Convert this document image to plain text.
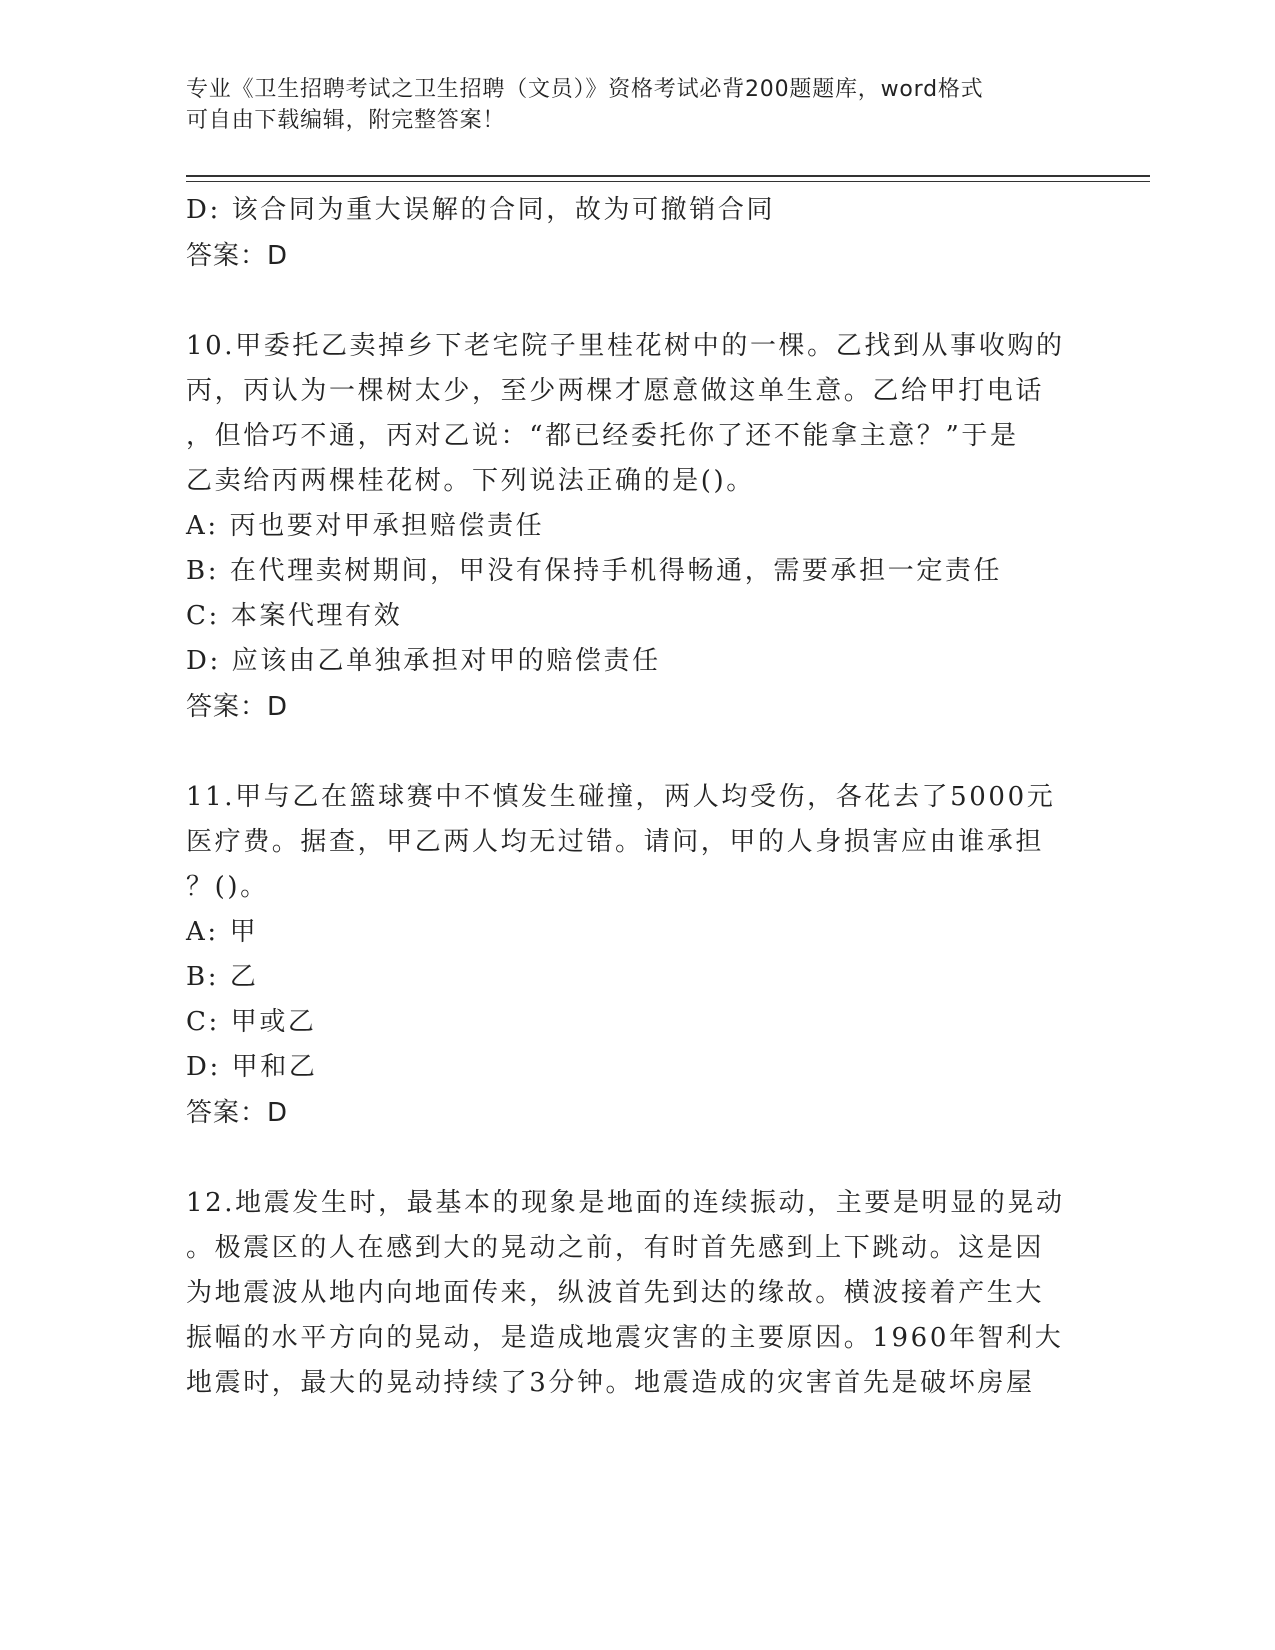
专业《卫生招聘考试之卫生招聘（文员）》资格考试必背200题题库，word格式
可自由下载编辑，附完整答案！
D: 该合同为重大误解的合同，故为可撤销合同
答案：D
10.甲委托乙卖掉乡下老宅院子里桂花树中的一棵。乙找到从事收购的
丙，丙认为一棵树太少，至少两棵才愿意做这单生意。乙给甲打电话
，但恰巧不通，丙对乙说：“都已经委托你了还不能拿主意？”于是
乙卖给丙两棵桂花树。下列说法正确的是()。
A: 丙也要对甲承担赔偿责任
B: 在代理卖树期间，甲没有保持手机得畅通，需要承担一定责任
C: 本案代理有效
D: 应该由乙单独承担对甲的赔偿责任
答案：D
11.甲与乙在篮球赛中不慎发生碰撞，两人均受伤，各花去了5000元
医疗费。据查，甲乙两人均无过错。请问，甲的人身损害应由谁承担
？()。
A: 甲
B: 乙
C: 甲或乙
D: 甲和乙
答案：D
12.地震发生时，最基本的现象是地面的连续振动，主要是明显的晃动
。极震区的人在感到大的晃动之前，有时首先感到上下跳动。这是因
为地震波从地内向地面传来，纵波首先到达的缘故。横波接着产生大
振幅的水平方向的晃动，是造成地震灾害的主要原因。1960年智利大
地震时，最大的晃动持续了3分钟。地震造成的灾害首先是破坏房屋
